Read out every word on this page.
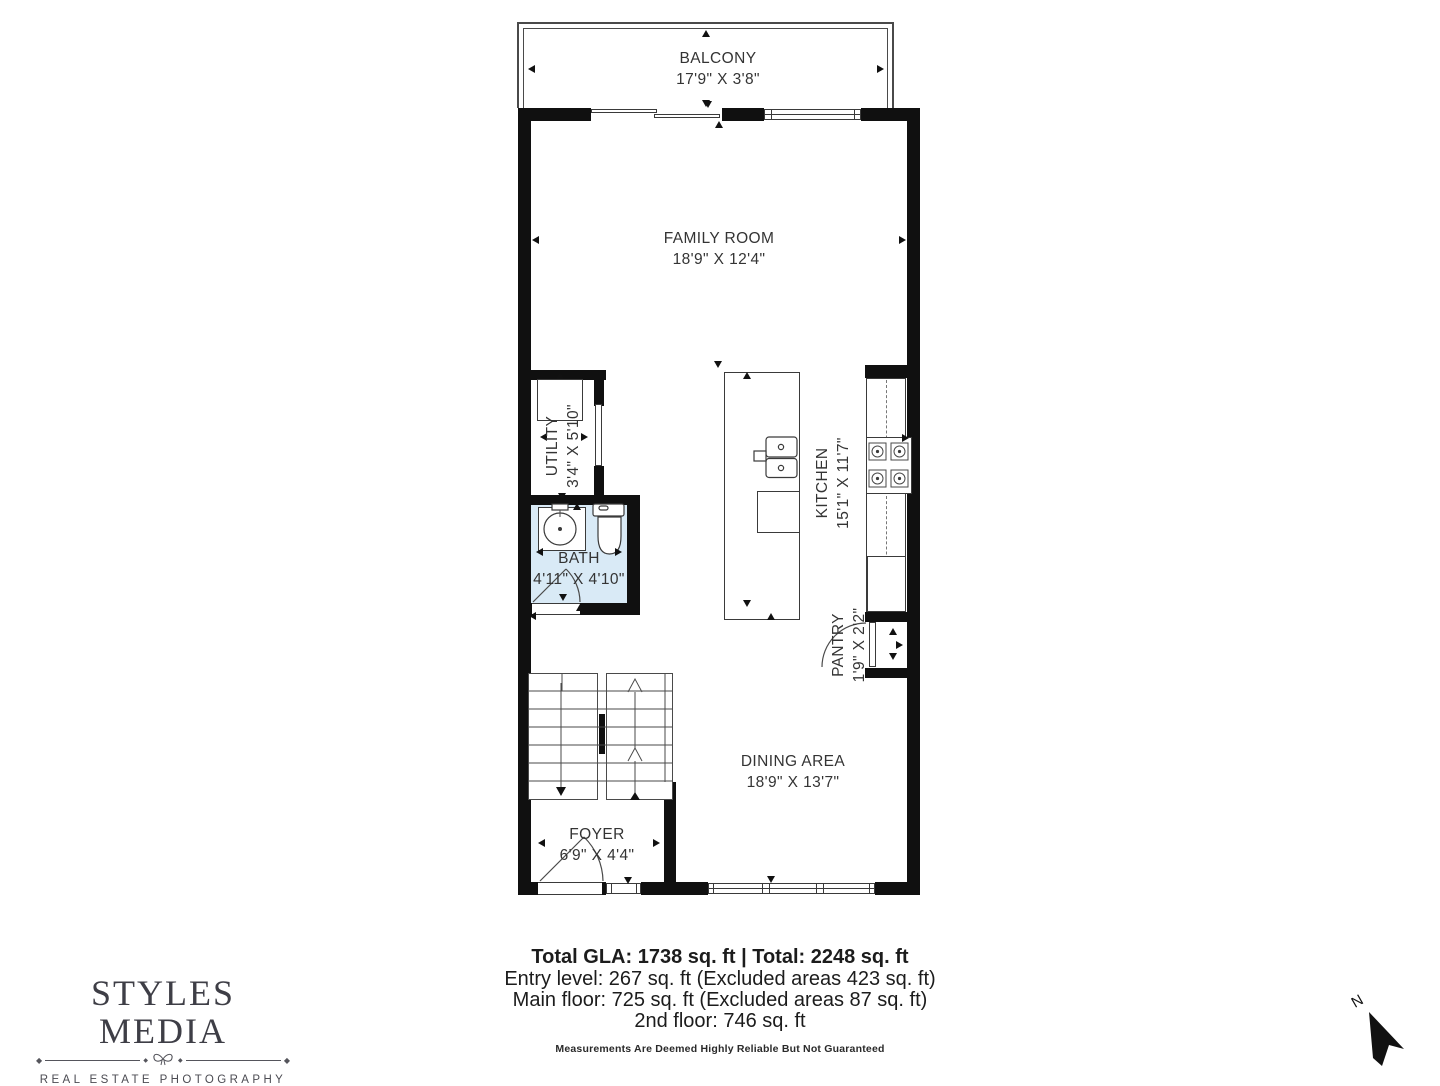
BALCONY
17'9" X 3'8"
FAMILY ROOM
18'9" X 12'4"
UTILITY 3'4" X 5'10"
BATH
4'11" X 4'10"
KITCHEN 15'1" X 11'7"
PANTRY 1'9" X 2'2"
DINING AREA
18'9" X 13'7"
FOYER
6'9" X 4'4"
Total GLA: 1738 sq. ft | Total: 2248 sq. ft
Entry level: 267 sq. ft (Excluded areas 423 sq. ft)
Main floor: 725 sq. ft (Excluded areas 87 sq. ft)
2nd floor: 746 sq. ft
Measurements Are Deemed Highly Reliable But Not Guaranteed
STYLES MEDIA
◆	◆	◆	◆
REAL ESTATE PHOTOGRAPHY
N
